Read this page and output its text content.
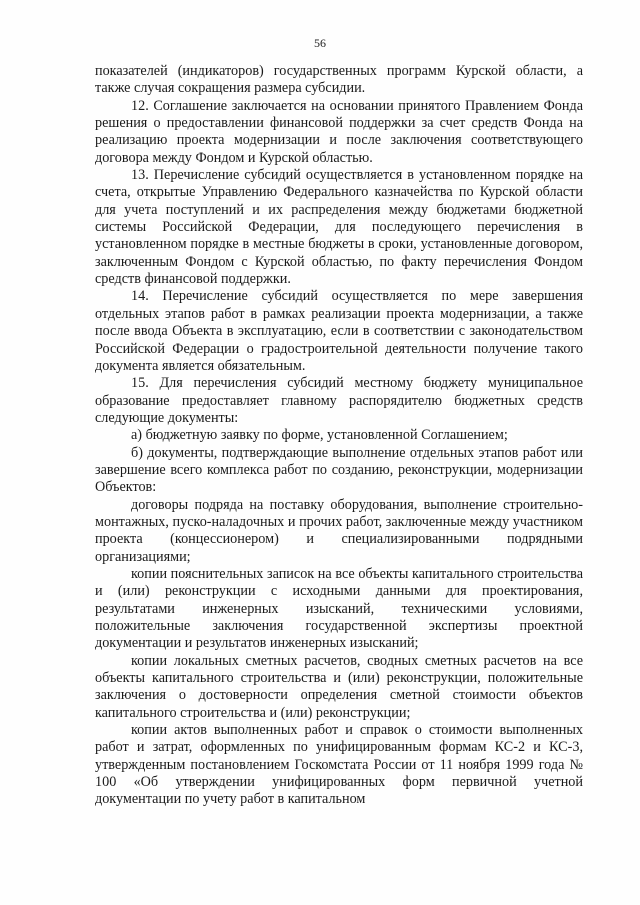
56

показателей (индикаторов) государственных программ Курской области, а также случая сокращения размера субсидии.

12. Соглашение заключается на основании принятого Правлением Фонда решения о предоставлении финансовой поддержки за счет средств Фонда на реализацию проекта модернизации и после заключения соответствующего договора между Фондом и Курской областью.

13. Перечисление субсидий осуществляется в установленном порядке на счета, открытые Управлению Федерального казначейства по Курской области для учета поступлений и их распределения между бюджетами бюджетной системы Российской Федерации, для последующего перечисления в установленном порядке в местные бюджеты в сроки, установленные договором, заключенным Фондом с Курской областью, по факту перечисления Фондом средств финансовой поддержки.

14. Перечисление субсидий осуществляется по мере завершения отдельных этапов работ в рамках реализации проекта модернизации, а также после ввода Объекта в эксплуатацию, если в соответствии с законодательством Российской Федерации о градостроительной деятельности получение такого документа является обязательным.

15. Для перечисления субсидий местному бюджету муниципальное образование предоставляет главному распорядителю бюджетных средств следующие документы:

а) бюджетную заявку по форме, установленной Соглашением;

б) документы, подтверждающие выполнение отдельных этапов работ или завершение всего комплекса работ по созданию, реконструкции, модернизации Объектов:

договоры подряда на поставку оборудования, выполнение строительно-монтажных, пуско-наладочных и прочих работ, заключенные между участником проекта (концессионером) и специализированными подрядными организациями;

копии пояснительных записок на все объекты капитального строительства и (или) реконструкции с исходными данными для проектирования, результатами инженерных изысканий, техническими условиями, положительные заключения государственной экспертизы проектной документации и результатов инженерных изысканий;

копии локальных сметных расчетов, сводных сметных расчетов на все объекты капитального строительства и (или) реконструкции, положительные заключения о достоверности определения сметной стоимости объектов капитального строительства и (или) реконструкции;

копии актов выполненных работ и справок о стоимости выполненных работ и затрат, оформленных по унифицированным формам КС-2 и КС-3, утвержденным постановлением Госкомстата России от 11 ноября 1999 года № 100 «Об утверждении унифицированных форм первичной учетной документации по учету работ в капитальном
